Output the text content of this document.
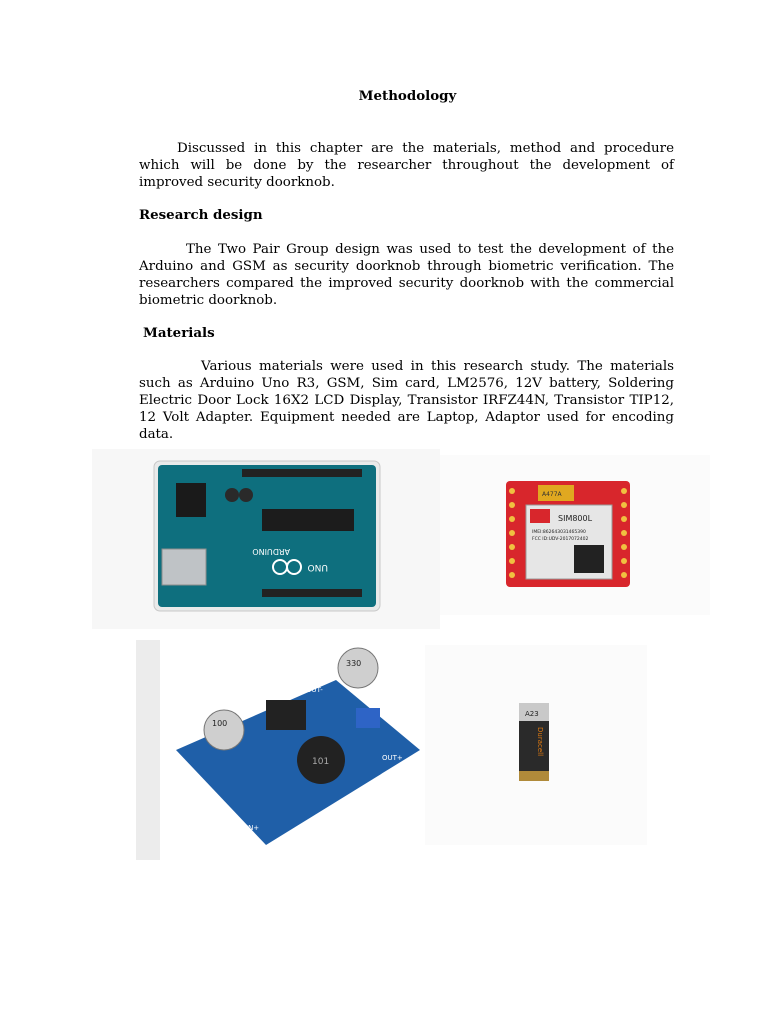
Methodology

Discussed in this chapter are the materials, method and procedure which will be done by the researcher throughout the development of improved security doorknob.

Research design

The Two Pair Group design was used to test the development of the Arduino and GSM as security doorknob through biometric verification. The researchers compared the improved security doorknob with the commercial biometric doorknob.

Materials

Various materials were used in this research study. The materials such as Arduino Uno R3, GSM, Sim card, LM2576, 12V battery, Soldering Electric Door Lock 16X2 LCD Display, Transistor IRFZ44N, Transistor TIP12, 12 Volt Adapter. Equipment needed are Laptop, Adaptor used for encoding data.

ARDUINO
UNO
A477A
SIM800L
IMEI:862643031465390
FCC ID:UDV-2017072402
100
330
101
OUT-
OUT+
IN+
A23
Duracell
